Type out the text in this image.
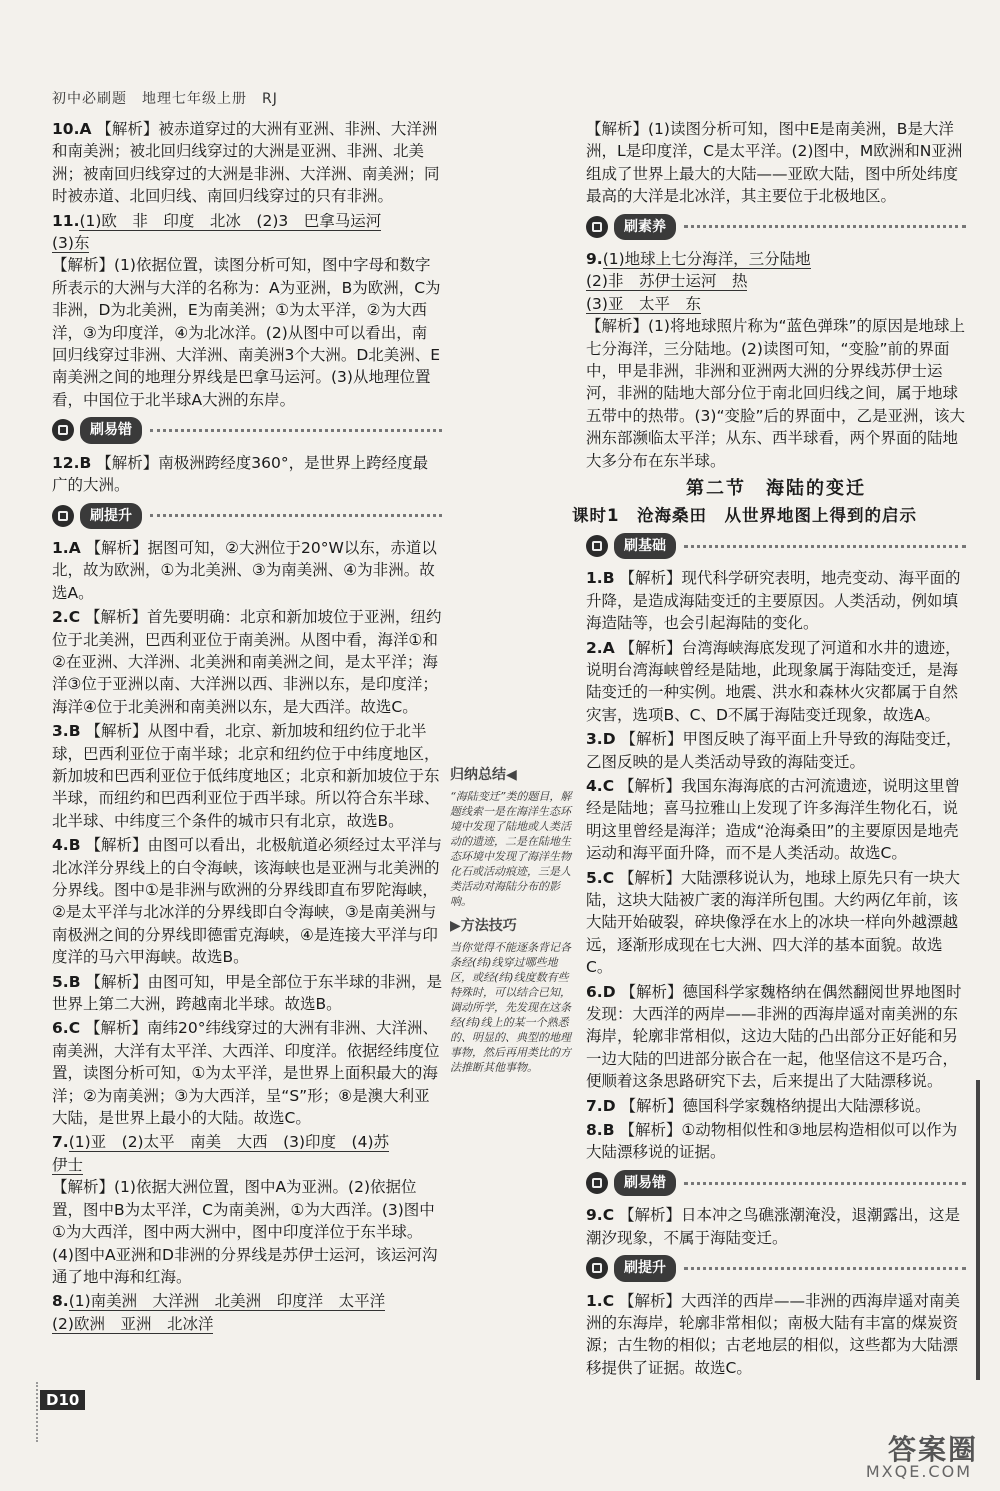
初中必刷题　地理七年级上册　RJ
10.A 【解析】被赤道穿过的大洲有亚洲、非洲、大洋洲和南美洲；被北回归线穿过的大洲是亚洲、非洲、北美洲；被南回归线穿过的大洲是非洲、大洋洲、南美洲；同时被赤道、北回归线、南回归线穿过的只有非洲。
11.(1)欧　非　印度　北冰　(2)3　巴拿马运河
(3)东
【解析】(1)依据位置，读图分析可知，图中字母和数字所表示的大洲与大洋的名称为：A为亚洲，B为欧洲，C为非洲，D为北美洲，E为南美洲；①为太平洋，②为大西洋，③为印度洋，④为北冰洋。(2)从图中可以看出，南回归线穿过非洲、大洋洲、南美洲3个大洲。D北美洲、E南美洲之间的地理分界线是巴拿马运河。(3)从地理位置看，中国位于北半球A大洲的东岸。
刷易错
12.B 【解析】南极洲跨经度360°，是世界上跨经度最广的大洲。
刷提升
1.A 【解析】据图可知，②大洲位于20°W以东，赤道以北，故为欧洲，①为北美洲、③为南美洲、④为非洲。故选A。
2.C 【解析】首先要明确：北京和新加坡位于亚洲，纽约位于北美洲，巴西利亚位于南美洲。从图中看，海洋①和②在亚洲、大洋洲、北美洲和南美洲之间，是太平洋；海洋③位于亚洲以南、大洋洲以西、非洲以东，是印度洋；海洋④位于北美洲和南美洲以东，是大西洋。故选C。
3.B 【解析】从图中看，北京、新加坡和纽约位于北半球，巴西利亚位于南半球；北京和纽约位于中纬度地区，新加坡和巴西利亚位于低纬度地区；北京和新加坡位于东半球，而纽约和巴西利亚位于西半球。所以符合东半球、北半球、中纬度三个条件的城市只有北京，故选B。
4.B 【解析】由图可以看出，北极航道必须经过太平洋与北冰洋分界线上的白令海峡，该海峡也是亚洲与北美洲的分界线。图中①是非洲与欧洲的分界线即直布罗陀海峡，②是太平洋与北冰洋的分界线即白令海峡，③是南美洲与南极洲之间的分界线即德雷克海峡，④是连接大平洋与印度洋的马六甲海峡。故选B。
5.B 【解析】由图可知，甲是全部位于东半球的非洲，是世界上第二大洲，跨越南北半球。故选B。
6.C 【解析】南纬20°纬线穿过的大洲有非洲、大洋洲、南美洲，大洋有太平洋、大西洋、印度洋。依据经纬度位置，读图分析可知，①为太平洋，是世界上面积最大的海洋；②为南美洲；③为大西洋，呈“S”形；⑧是澳大利亚大陆，是世界上最小的大陆。故选C。
7.(1)亚　(2)太平　南美　大西　(3)印度　(4)苏
伊士
【解析】(1)依据大洲位置，图中A为亚洲。(2)依据位置，图中B为太平洋，C为南美洲，①为大西洋。(3)图中①为大西洋，图中两大洲中，图中印度洋位于东半球。(4)图中A亚洲和D非洲的分界线是苏伊士运河，该运河沟通了地中海和红海。
8.(1)南美洲　大洋洲　北美洲　印度洋　太平洋
(2)欧洲　亚洲　北冰洋
归纳总结◀

“海陆变迁”类的题目，解题线索一是在海洋生态环境中发现了陆地或人类活动的遗迹，二是在陆地生态环境中发现了海洋生物化石或活动痕迹，三是人类活动对海陆分布的影响。

▶方法技巧

当你觉得不能逐条背记各条经(纬)线穿过哪些地区，或经(纬)线度数有些特殊时，可以结合已知，调动所学，先发现在这条经(纬)线上的某一个熟悉的、明显的、典型的地理事物，然后再用类比的方法推断其他事物。

【解析】(1)读图分析可知，图中E是南美洲，B是大洋洲，L是印度洋，C是太平洋。(2)图中，M欧洲和N亚洲组成了世界上最大的大陆——亚欧大陆，图中所处纬度最高的大洋是北冰洋，其主要位于北极地区。
刷素养
9.(1)地球上七分海洋，三分陆地
(2)非　苏伊士运河　热
(3)亚　太平　东
【解析】(1)将地球照片称为“蓝色弹珠”的原因是地球上七分海洋，三分陆地。(2)读图可知，“变脸”前的界面中，甲是非洲，非洲和亚洲两大洲的分界线苏伊士运河，非洲的陆地大部分位于南北回归线之间，属于地球五带中的热带。(3)“变脸”后的界面中，乙是亚洲，该大洲东部濒临太平洋；从东、西半球看，两个界面的陆地大多分布在东半球。
第二节　海陆的变迁
课时1　沧海桑田　从世界地图上得到的启示
刷基础
1.B 【解析】现代科学研究表明，地壳变动、海平面的升降，是造成海陆变迁的主要原因。人类活动，例如填海造陆等，也会引起海陆的变化。
2.A 【解析】台湾海峡海底发现了河道和水井的遗迹，说明台湾海峡曾经是陆地，此现象属于海陆变迁，是海陆变迁的一种实例。地震、洪水和森林火灾都属于自然灾害，选项B、C、D不属于海陆变迁现象，故选A。
3.D 【解析】甲图反映了海平面上升导致的海陆变迁，乙图反映的是人类活动导致的海陆变迁。
4.C 【解析】我国东海海底的古河流遗迹，说明这里曾经是陆地；喜马拉雅山上发现了许多海洋生物化石，说明这里曾经是海洋；造成“沧海桑田”的主要原因是地壳运动和海平面升降，而不是人类活动。故选C。
5.C 【解析】大陆漂移说认为，地球上原先只有一块大陆，这块大陆被广袤的海洋所包围。大约两亿年前，该大陆开始破裂，碎块像浮在水上的冰块一样向外越漂越远，逐渐形成现在七大洲、四大洋的基本面貌。故选C。
6.D 【解析】德国科学家魏格纳在偶然翻阅世界地图时发现：大西洋的两岸——非洲的西海岸遥对南美洲的东海岸，轮廓非常相似，这边大陆的凸出部分正好能和另一边大陆的凹进部分嵌合在一起，他坚信这不是巧合，便顺着这条思路研究下去，后来提出了大陆漂移说。
7.D 【解析】德国科学家魏格纳提出大陆漂移说。
8.B 【解析】①动物相似性和③地层构造相似可以作为大陆漂移说的证据。
刷易错
9.C 【解析】日本冲之鸟礁涨潮淹没，退潮露出，这是潮汐现象，不属于海陆变迁。
刷提升
1.C 【解析】大西洋的西岸——非洲的西海岸遥对南美洲的东海岸，轮廓非常相似；南极大陆有丰富的煤炭资源；古生物的相似；古老地层的相似，这些都为大陆漂移提供了证据。故选C。
D10
答案圈
MXQE.COM
